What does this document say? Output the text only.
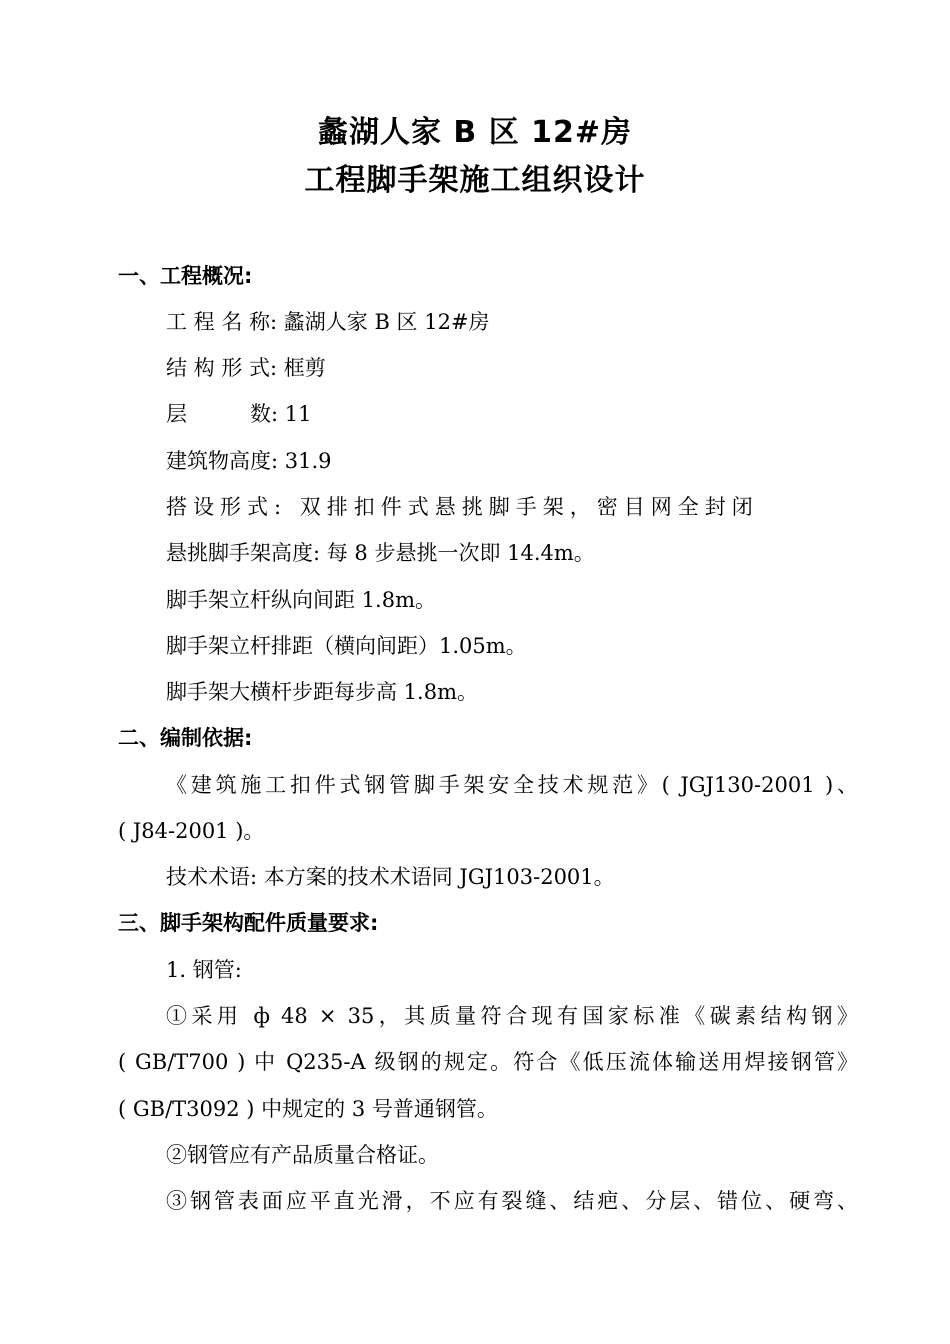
蠡湖人家 B 区 12#房
工程脚手架施工组织设计
一、工程概况:
工 程 名 称: 蠡湖人家 B 区 12#房
结 构 形 式: 框剪
层　　　数: 11
建筑物高度: 31.9
搭设形式: 双排扣件式悬挑脚手架，密目网全封闭
悬挑脚手架高度: 每 8 步悬挑一次即 14.4m。
脚手架立杆纵向间距 1.8m。
脚手架立杆排距（横向间距）1.05m。
脚手架大横杆步距每步高 1.8m。
二、编制依据:
《建筑施工扣件式钢管脚手架安全技术规范》( JGJ130-2001 )、
( J84-2001 )。
技术术语: 本方案的技术术语同 JGJ103-2001。
三、脚手架构配件质量要求:
1. 钢管:
①采用 ф 48 × 35，其质量符合现有国家标准《碳素结构钢》
( GB/T700 ) 中 Q235-A 级钢的规定。符合《低压流体输送用焊接钢管》
( GB/T3092 ) 中规定的 3 号普通钢管。
②钢管应有产品质量合格证。
③钢管表面应平直光滑，不应有裂缝、结疤、分层、错位、硬弯、
